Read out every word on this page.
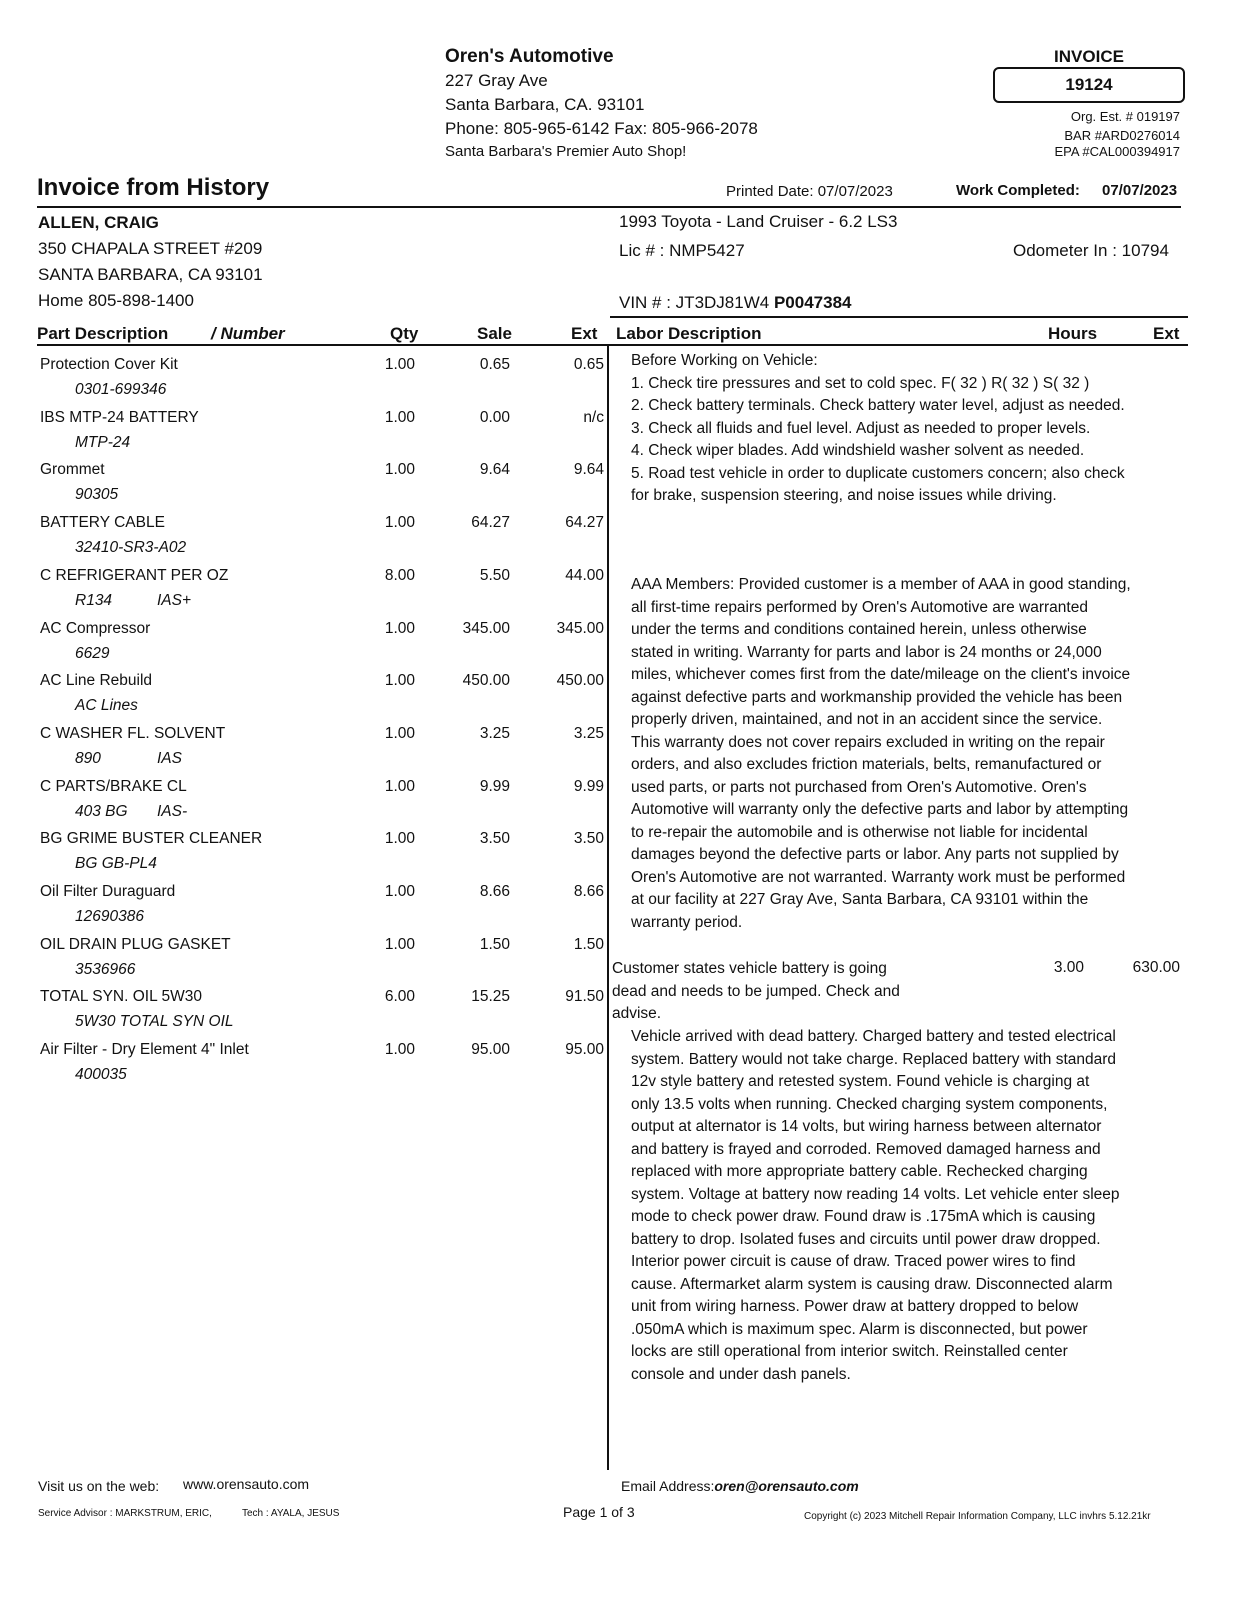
Oren's Automotive
227 Gray Ave
Santa Barbara, CA. 93101
Phone: 805-965-6142 Fax: 805-966-2078
Santa Barbara's Premier Auto Shop!
INVOICE
19124
Org. Est. # 019197
BAR #ARD0276014
EPA #CAL000394917
Invoice from History	Printed Date: 07/07/2023	Work Completed: 07/07/2023
ALLEN, CRAIG
350 CHAPALA STREET #209
SANTA BARBARA, CA 93101
Home 805-898-1400
1993 Toyota - Land Cruiser - 6.2 LS3
Lic # : NMP5427	Odometer In : 10794
VIN # : JT3DJ81W4 P0047384
Part Description	/ Number	Qty	Sale	Ext Labor Description	Hours	Ext
Protection Cover Kit
0301-699346
1.00	0.65	0.65
IBS MTP-24 BATTERY
MTP-24
1.00	0.00	n/c
Grommet
90305
1.00	9.64	9.64
BATTERY CABLE
32410-SR3-A02
1.00	64.27	64.27
C REFRIGERANT PER OZ
R134	IAS+
8.00	5.50	44.00
AC Compressor
6629
1.00	345.00	345.00
AC Line Rebuild
AC Lines
1.00	450.00	450.00
C WASHER FL. SOLVENT
890	IAS
1.00	3.25	3.25
C PARTS/BRAKE CL
403 BG IAS-
1.00	9.99	9.99
BG GRIME BUSTER CLEANER
BG GB-PL4
1.00	3.50	3.50
Oil Filter Duraguard
12690386
1.00	8.66	8.66
OIL DRAIN PLUG GASKET
3536966
1.00	1.50	1.50
TOTAL SYN. OIL 5W30
5W30 TOTAL SYN OIL
6.00	15.25	91.50
Air Filter - Dry Element 4" Inlet
400035
1.00	95.00	95.00

Before Working on Vehicle:

1. Check tire pressures and set to cold spec. F( 32 ) R( 32 ) S( 32 )

2. Check battery terminals. Check battery water level, adjust as needed.

3. Check all fluids and fuel level. Adjust as needed to proper levels.

4. Check wiper blades. Add windshield washer solvent as needed.

5. Road test vehicle in order to duplicate customers concern; also check for brake, suspension steering, and noise issues while driving.

AAA Members: Provided customer is a member of AAA in good standing, all first-time repairs performed by Oren's Automotive are warranted under the terms and conditions contained herein, unless otherwise stated in writing. Warranty for parts and labor is 24 months or 24,000 miles, whichever comes first from the date/mileage on the client's invoice against defective parts and workmanship provided the vehicle has been properly driven, maintained, and not in an accident since the service. This warranty does not cover repairs excluded in writing on the repair orders, and also excludes friction materials, belts, remanufactured or used parts, or parts not purchased from Oren's Automotive. Oren's Automotive will warranty only the defective parts and labor by attempting to re-repair the automobile and is otherwise not liable for incidental damages beyond the defective parts or labor. Any parts not supplied by Oren's Automotive are not warranted. Warranty work must be performed at our facility at 227 Gray Ave, Santa Barbara, CA 93101 within the warranty period.
Customer states vehicle battery is going dead and needs to be jumped. Check and advise.
3.00	630.00
Vehicle arrived with dead battery. Charged battery and tested electrical system. Battery would not take charge. Replaced battery with standard 12v style battery and retested system. Found vehicle is charging at only 13.5 volts when running. Checked charging system components, output at alternator is 14 volts, but wiring harness between alternator and battery is frayed and corroded. Removed damaged harness and replaced with more appropriate battery cable. Rechecked charging system. Voltage at battery now reading 14 volts. Let vehicle enter sleep mode to check power draw. Found draw is .175mA which is causing battery to drop. Isolated fuses and circuits until power draw dropped. Interior power circuit is cause of draw. Traced power wires to find cause. Aftermarket alarm system is causing draw. Disconnected alarm unit from wiring harness. Power draw at battery dropped to below .050mA which is maximum spec. Alarm is disconnected, but power locks are still operational from interior switch. Reinstalled center console and under dash panels.
Visit us on the web: www.orensauto.com	Email Address:oren@orensauto.com
Service Advisor : MARKSTRUM, ERIC,	Tech : AYALA, JESUS	Page 1 of 3	Copyright (c) 2023 Mitchell Repair Information Company, LLC invhrs 5.12.21kr
